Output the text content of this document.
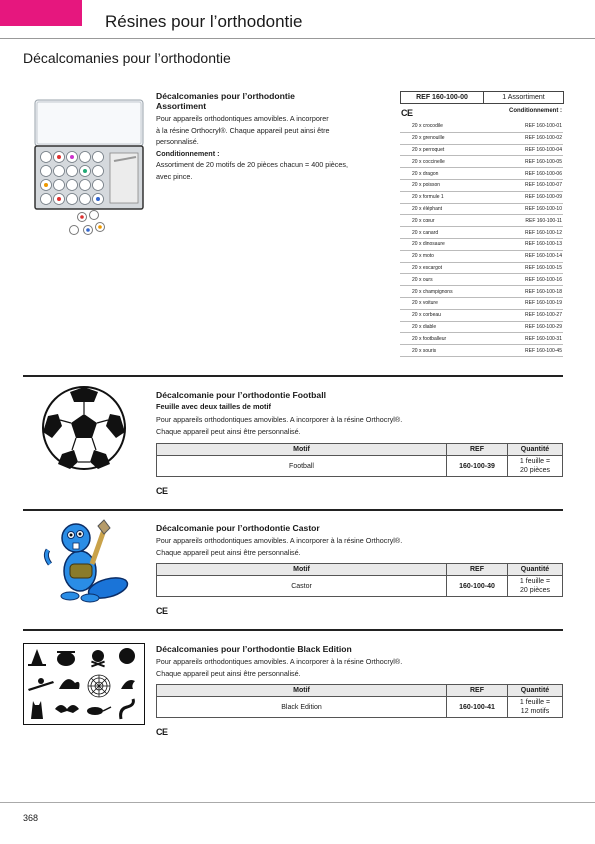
Résines pour l’orthodontie
Décalcomanies pour l’orthodontie
Décalcomanies pour l’orthodontie
Assortiment
Pour appareils orthodontiques amovibles. A incorporer
à la résine Orthocryl®. Chaque appareil peut ainsi être
personnalisé.
Conditionnement :
Assortiment de 20 motifs de 20 pièces chacun = 400 pièces,
avec pince.
REF 160-100-00	1 Assortiment
CE	Conditionnement :
20 x crocodile	REF 160-100-01
20 x grenouille	REF 160-100-02
20 x perroquet	REF 160-100-04
20 x coccinelle	REF 160-100-05
20 x dragon	REF 160-100-06
20 x poisson	REF 160-100-07
20 x formule 1	REF 160-100-09
20 x éléphant	REF 160-100-10
20 x cœur	REF 160-100-11
20 x canard	REF 160-100-12
20 x dinosaure	REF 160-100-13
20 x moto	REF 160-100-14
20 x escargot	REF 160-100-15
20 x ours	REF 160-100-16
20 x champignons	REF 160-100-18
20 x voiture	REF 160-100-19
20 x corbeau	REF 160-100-27
20 x diable	REF 160-100-29
20 x footballeur	REF 160-100-31
20 x souris	REF 160-100-45
Décalcomanie pour l’orthodontie Football
Feuille avec deux tailles de motif
Pour appareils orthodontiques amovibles. A incorporer à la résine Orthocryl®.
Chaque appareil peut ainsi être personnalisé.
Motif	REF	Quantité
Football	160-100-39	1 feuille =
20 pièces
CE
Décalcomanie pour l’orthodontie Castor
Pour appareils orthodontiques amovibles. A incorporer à la résine Orthocryl®.
Chaque appareil peut ainsi être personnalisé.
Motif	REF	Quantité
Castor	160-100-40	1 feuille =
20 pièces
CE
Décalcomanies pour l’orthodontie Black Edition
Pour appareils orthodontiques amovibles. A incorporer à la résine Orthocryl®.
Chaque appareil peut ainsi être personnalisé.
Motif	REF	Quantité
Black Edition	160-100-41	1 feuille =
12 motifs
CE
368
